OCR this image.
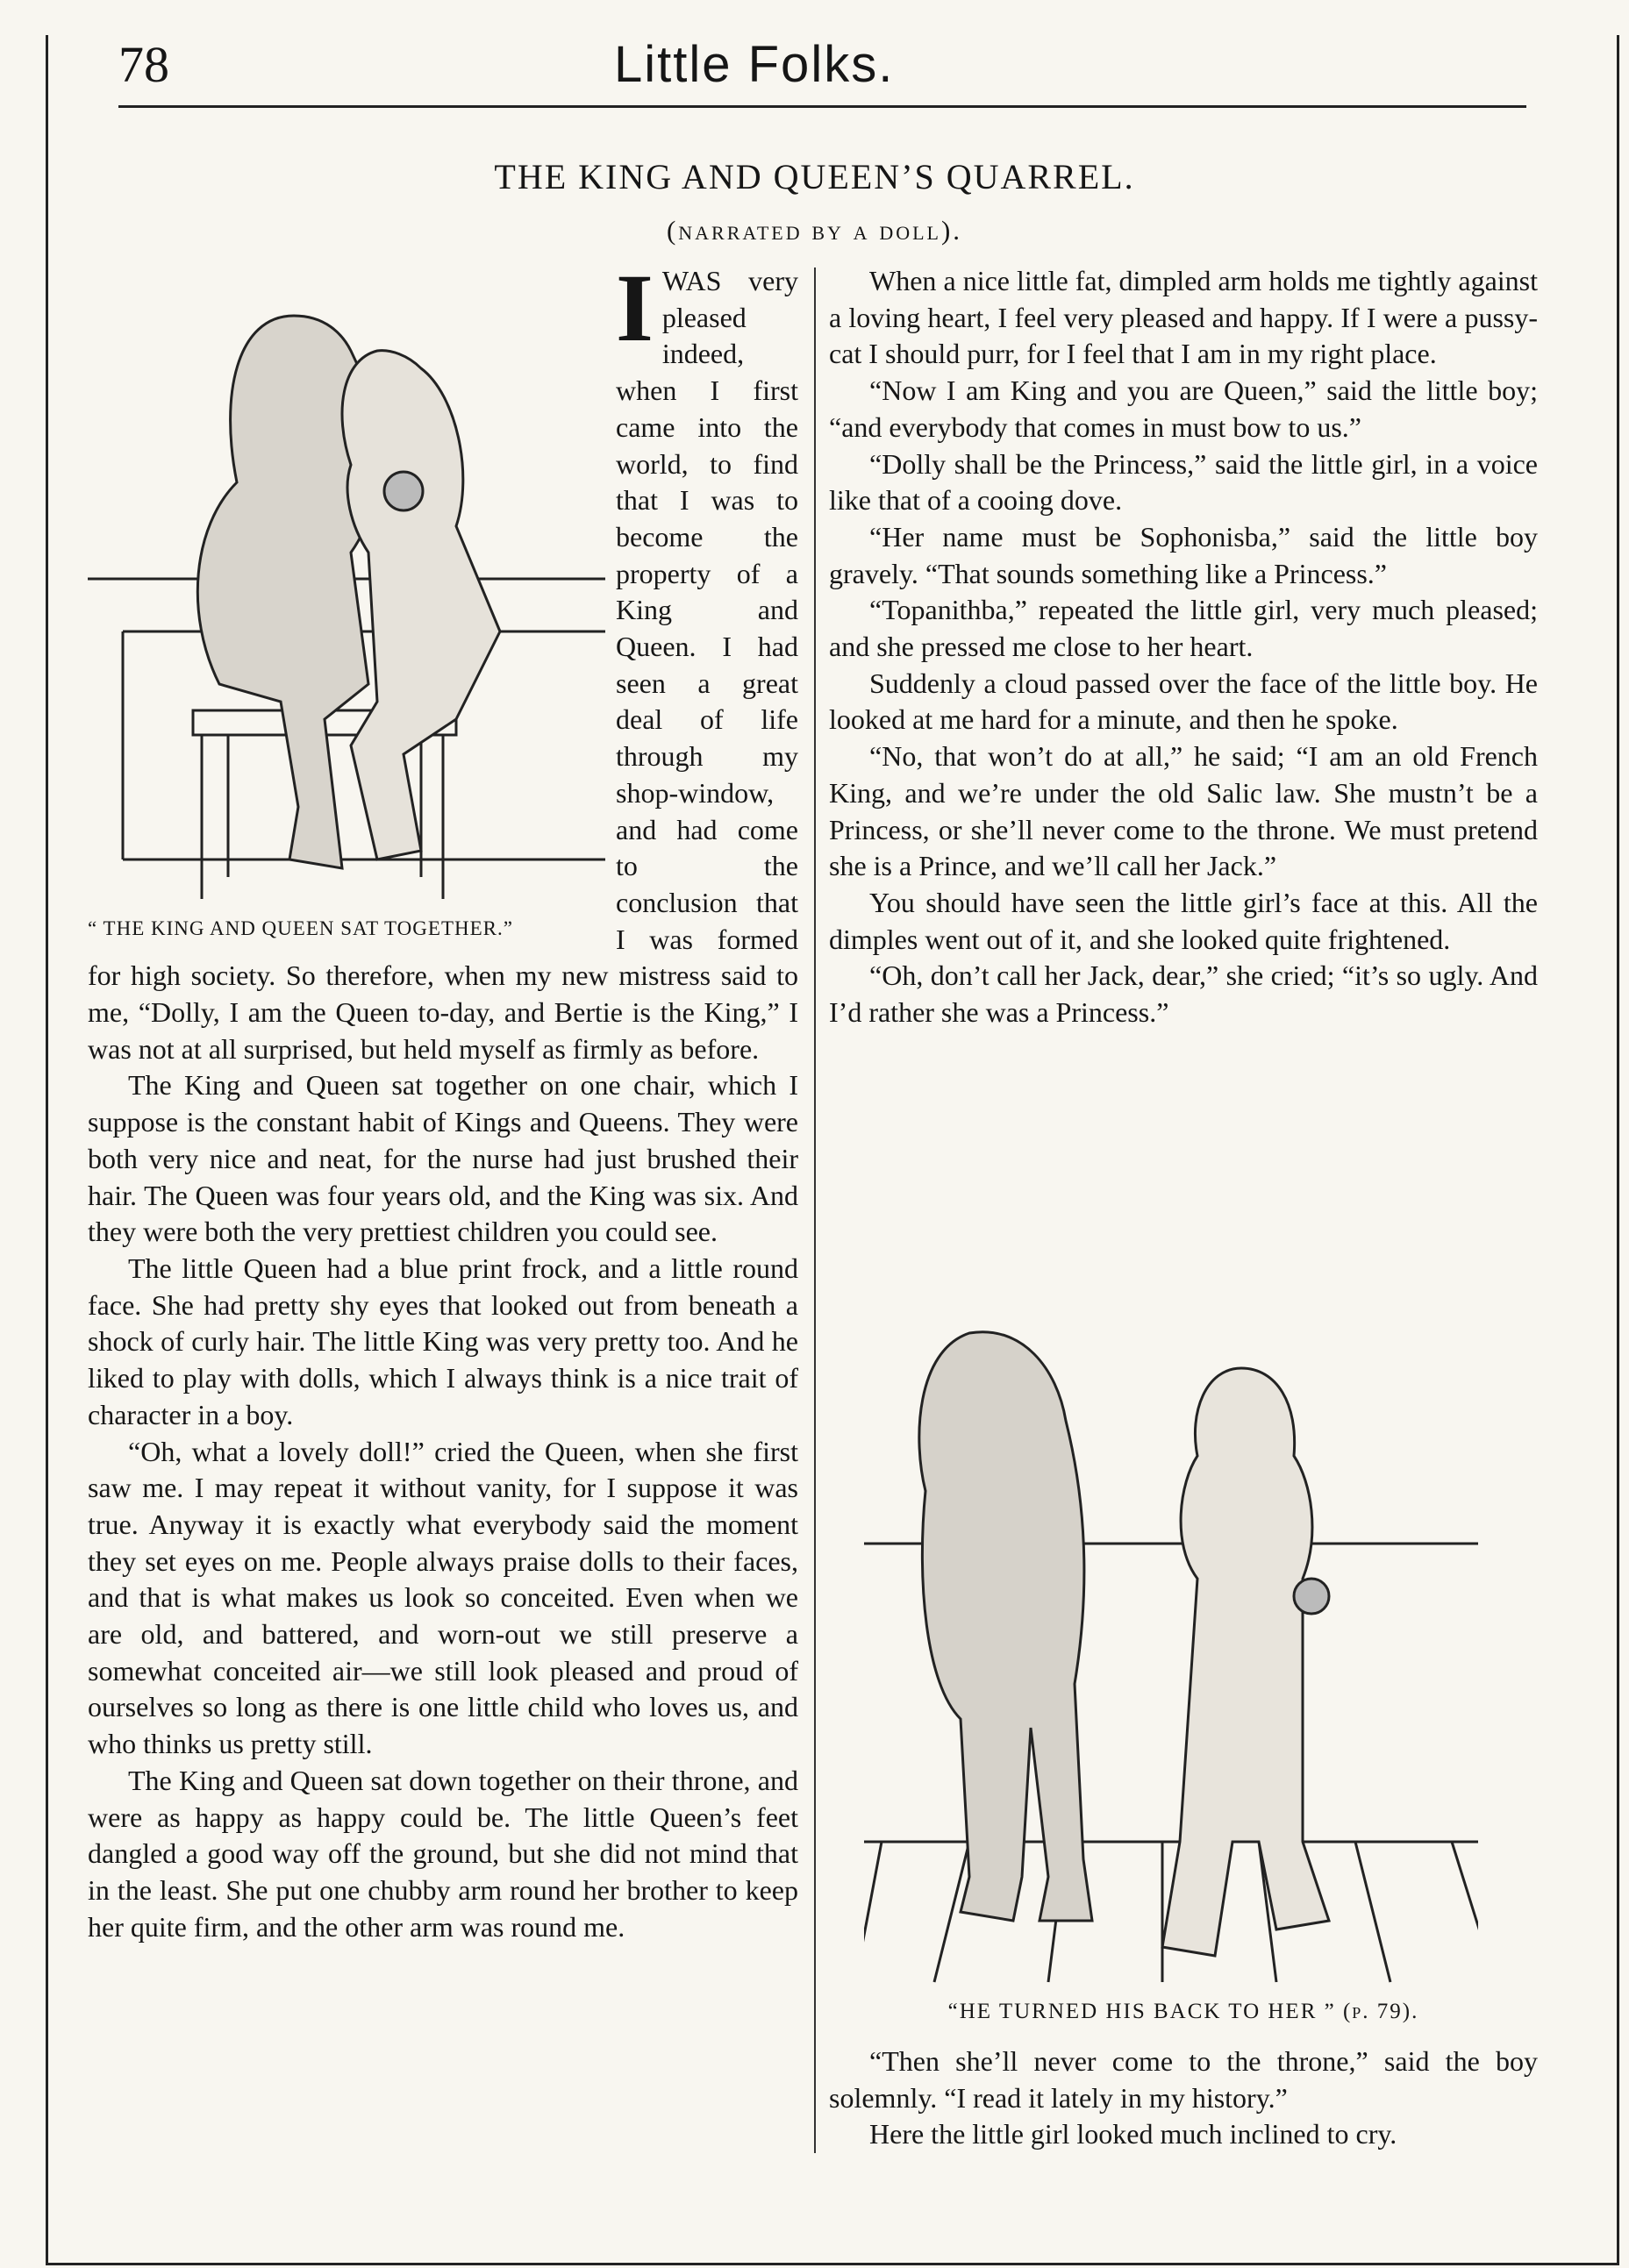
78	Little Folks.
THE KING AND QUEEN’S QUARREL.
(narrated by a doll).
“ THE KING AND QUEEN SAT TOGETHER.”
I WAS very pleased indeed, when I first came into the world, to find that I was to become the property of a King and Queen. I had seen a great deal of life through my shop-window, and had come to the conclusion that I was formed for high society. So therefore, when my new mistress said to me, “Dolly, I am the Queen to-day, and Bertie is the King,” I was not at all surprised, but held myself as firmly as before.

The King and Queen sat together on one chair, which I suppose is the constant habit of Kings and Queens. They were both very nice and neat, for the nurse had just brushed their hair. The Queen was four years old, and the King was six. And they were both the very prettiest children you could see.

The little Queen had a blue print frock, and a little round face. She had pretty shy eyes that looked out from beneath a shock of curly hair. The little King was very pretty too. And he liked to play with dolls, which I always think is a nice trait of character in a boy.

“Oh, what a lovely doll!” cried the Queen, when she first saw me. I may repeat it without vanity, for I suppose it was true. Anyway it is exactly what everybody said the moment they set eyes on me. People always praise dolls to their faces, and that is what makes us look so conceited. Even when we are old, and battered, and worn-out we still preserve a somewhat conceited air—we still look pleased and proud of ourselves so long as there is one little child who loves us, and who thinks us pretty still.

The King and Queen sat down together on their throne, and were as happy as happy could be. The little Queen’s feet dangled a good way off the ground, but she did not mind that in the least. She put one chubby arm round her brother to keep her quite firm, and the other arm was round me.

When a nice little fat, dimpled arm holds me tightly against a loving heart, I feel very pleased and happy. If I were a pussy-cat I should purr, for I feel that I am in my right place.

“Now I am King and you are Queen,” said the little boy; “and everybody that comes in must bow to us.”

“Dolly shall be the Princess,” said the little girl, in a voice like that of a cooing dove.

“Her name must be Sophonisba,” said the little boy gravely. “That sounds something like a Princess.”

“Topanithba,” repeated the little girl, very much pleased; and she pressed me close to her heart.

Suddenly a cloud passed over the face of the little boy. He looked at me hard for a minute, and then he spoke.

“No, that won’t do at all,” he said; “I am an old French King, and we’re under the old Salic law. She mustn’t be a Princess, or she’ll never come to the throne. We must pretend she is a Prince, and we’ll call her Jack.”

You should have seen the little girl’s face at this. All the dimples went out of it, and she looked quite frightened.

“Oh, don’t call her Jack, dear,” she cried; “it’s so ugly. And I’d rather she was a Princess.”

“HE TURNED HIS BACK TO HER ” (p. 79).

“Then she’ll never come to the throne,” said the boy solemnly. “I read it lately in my history.”

Here the little girl looked much inclined to cry.
